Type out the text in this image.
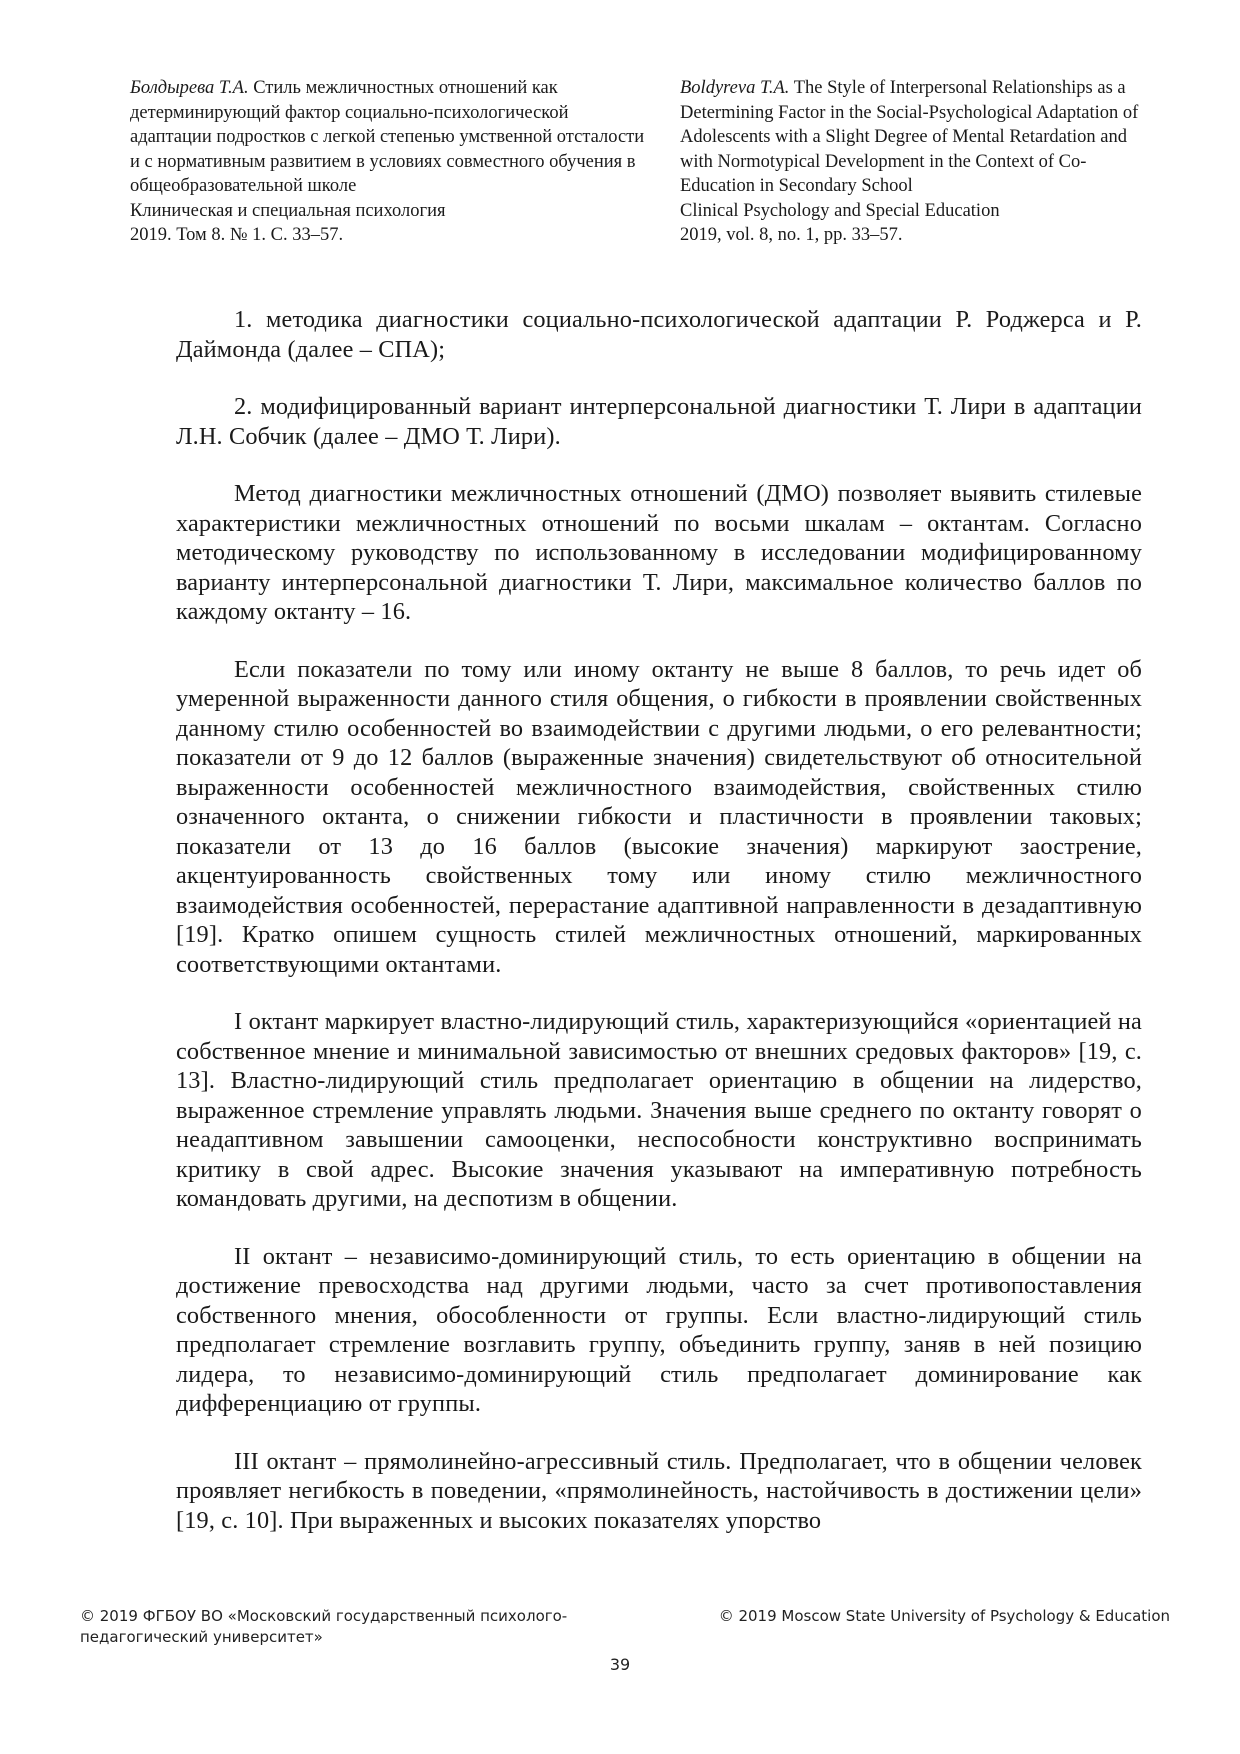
Болдырева Т.А. Стиль межличностных отношений как детерминирующий фактор социально-психологической адаптации подростков с легкой степенью умственной отсталости и с нормативным развитием в условиях совместного обучения в общеобразовательной школе
Клиническая и специальная психология
2019. Том 8. № 1. С. 33–57.
Boldyreva T.A. The Style of Interpersonal Relationships as a Determining Factor in the Social-Psychological Adaptation of Adolescents with a Slight Degree of Mental Retardation and with Normotypical Development in the Context of Co-Education in Secondary School
Clinical Psychology and Special Education
2019, vol. 8, no. 1, pp. 33–57.

1. методика диагностики социально-психологической адаптации Р. Роджерса и Р. Даймонда (далее – СПА);

2. модифицированный вариант интерперсональной диагностики Т. Лири в адаптации Л.Н. Собчик (далее – ДМО Т. Лири).

Метод диагностики межличностных отношений (ДМО) позволяет выявить стилевые характеристики межличностных отношений по восьми шкалам – октантам. Согласно методическому руководству по использованному в исследовании модифицированному варианту интерперсональной диагностики Т. Лири, максимальное количество баллов по каждому октанту – 16.

Если показатели по тому или иному октанту не выше 8 баллов, то речь идет об умеренной выраженности данного стиля общения, о гибкости в проявлении свойственных данному стилю особенностей во взаимодействии с другими людьми, о его релевантности; показатели от 9 до 12 баллов (выраженные значения) свидетельствуют об относительной выраженности особенностей межличностного взаимодействия, свойственных стилю означенного октанта, о снижении гибкости и пластичности в проявлении таковых; показатели от 13 до 16 баллов (высокие значения) маркируют заострение, акцентуированность свойственных тому или иному стилю межличностного взаимодействия особенностей, перерастание адаптивной направленности в дезадаптивную [19]. Кратко опишем сущность стилей межличностных отношений, маркированных соответствующими октантами.

I октант маркирует властно-лидирующий стиль, характеризующийся «ориентацией на собственное мнение и минимальной зависимостью от внешних средовых факторов» [19, с. 13]. Властно-лидирующий стиль предполагает ориентацию в общении на лидерство, выраженное стремление управлять людьми. Значения выше среднего по октанту говорят о неадаптивном завышении самооценки, неспособности конструктивно воспринимать критику в свой адрес. Высокие значения указывают на императивную потребность командовать другими, на деспотизм в общении.

II октант – независимо-доминирующий стиль, то есть ориентацию в общении на достижение превосходства над другими людьми, часто за счет противопоставления собственного мнения, обособленности от группы. Если властно-лидирующий стиль предполагает стремление возглавить группу, объединить группу, заняв в ней позицию лидера, то независимо-доминирующий стиль предполагает доминирование как дифференциацию от группы.

III октант – прямолинейно-агрессивный стиль. Предполагает, что в общении человек проявляет негибкость в поведении, «прямолинейность, настойчивость в достижении цели» [19, с. 10]. При выраженных и высоких показателях упорство

© 2019 ФГБОУ ВО «Московский государственный психолого-педагогический университет»
© 2019 Moscow State University of Psychology & Education
39
